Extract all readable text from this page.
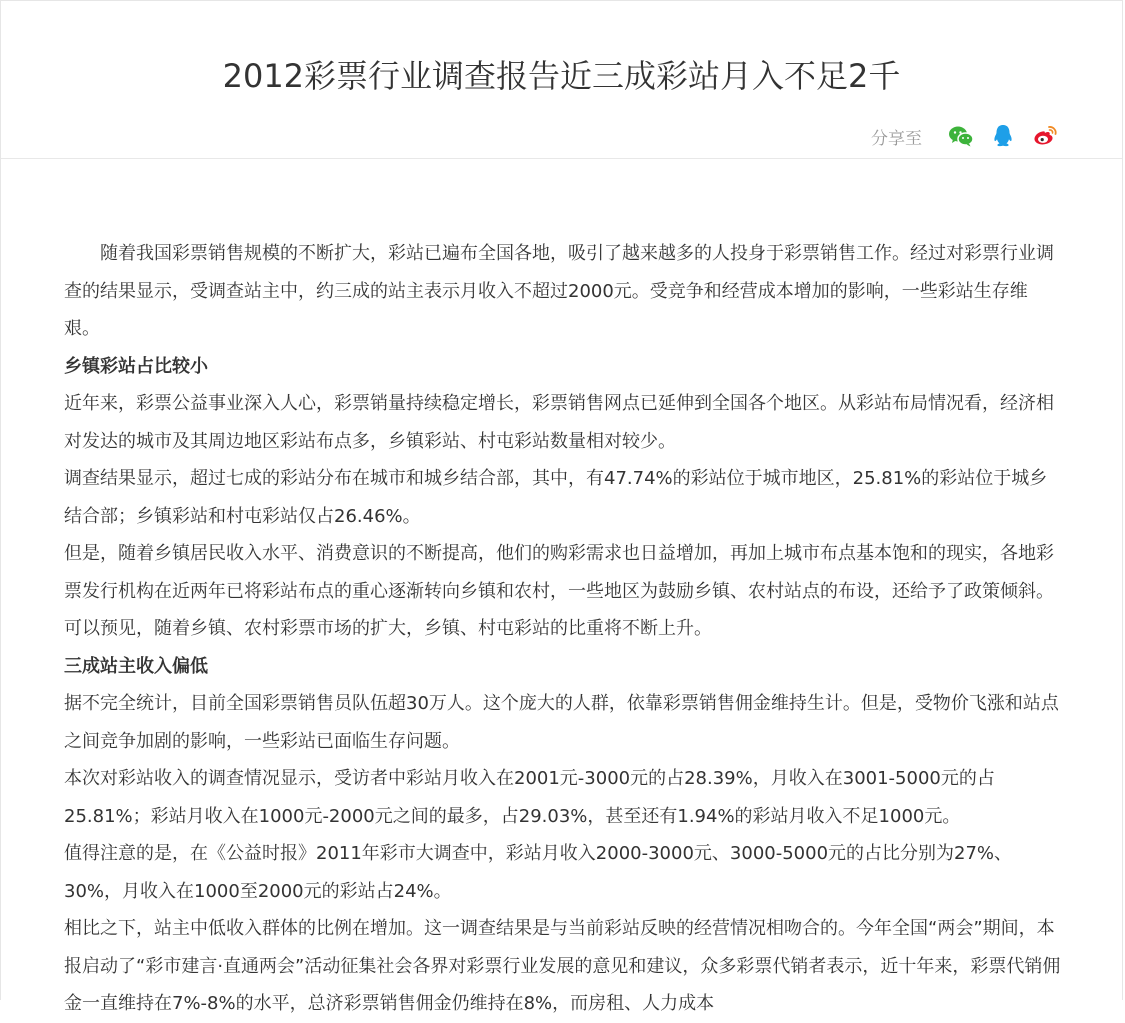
2012彩票行业调查报告近三成彩站月入不足2千
分享至

随着我国彩票销售规模的不断扩大，彩站已遍布全国各地，吸引了越来越多的人投身于彩票销售工作。经过对彩票行业调查的结果显示，受调查站主中，约三成的站主表示月收入不超过2000元。受竞争和经营成本增加的影响，一些彩站生存维艰。

乡镇彩站占比较小

近年来，彩票公益事业深入人心，彩票销量持续稳定增长，彩票销售网点已延伸到全国各个地区。从彩站布局情况看，经济相对发达的城市及其周边地区彩站布点多，乡镇彩站、村屯彩站数量相对较少。

调查结果显示，超过七成的彩站分布在城市和城乡结合部，其中，有47.74%的彩站位于城市地区，25.81%的彩站位于城乡结合部；乡镇彩站和村屯彩站仅占26.46%。

但是，随着乡镇居民收入水平、消费意识的不断提高，他们的购彩需求也日益增加，再加上城市布点基本饱和的现实，各地彩票发行机构在近两年已将彩站布点的重心逐渐转向乡镇和农村，一些地区为鼓励乡镇、农村站点的布设，还给予了政策倾斜。可以预见，随着乡镇、农村彩票市场的扩大，乡镇、村屯彩站的比重将不断上升。

三成站主收入偏低

据不完全统计，目前全国彩票销售员队伍超30万人。这个庞大的人群，依靠彩票销售佣金维持生计。但是，受物价飞涨和站点之间竞争加剧的影响，一些彩站已面临生存问题。

本次对彩站收入的调查情况显示，受访者中彩站月收入在2001元-3000元的占28.39%，月收入在3001-5000元的占25.81%；彩站月收入在1000元-2000元之间的最多，占29.03%，甚至还有1.94%的彩站月收入不足1000元。

值得注意的是，在《公益时报》2011年彩市大调查中，彩站月收入2000-3000元、3000-5000元的占比分别为27%、30%，月收入在1000至2000元的彩站占24%。

相比之下，站主中低收入群体的比例在增加。这一调查结果是与当前彩站反映的经营情况相吻合的。今年全国“两会”期间，本报启动了“彩市建言·直通两会”活动征集社会各界对彩票行业发展的意见和建议，众多彩票代销者表示，近十年来，彩票代销佣金一直维持在7%-8%的水平，总济彩票销售佣金仍维持在8%，而房租、人力成本
